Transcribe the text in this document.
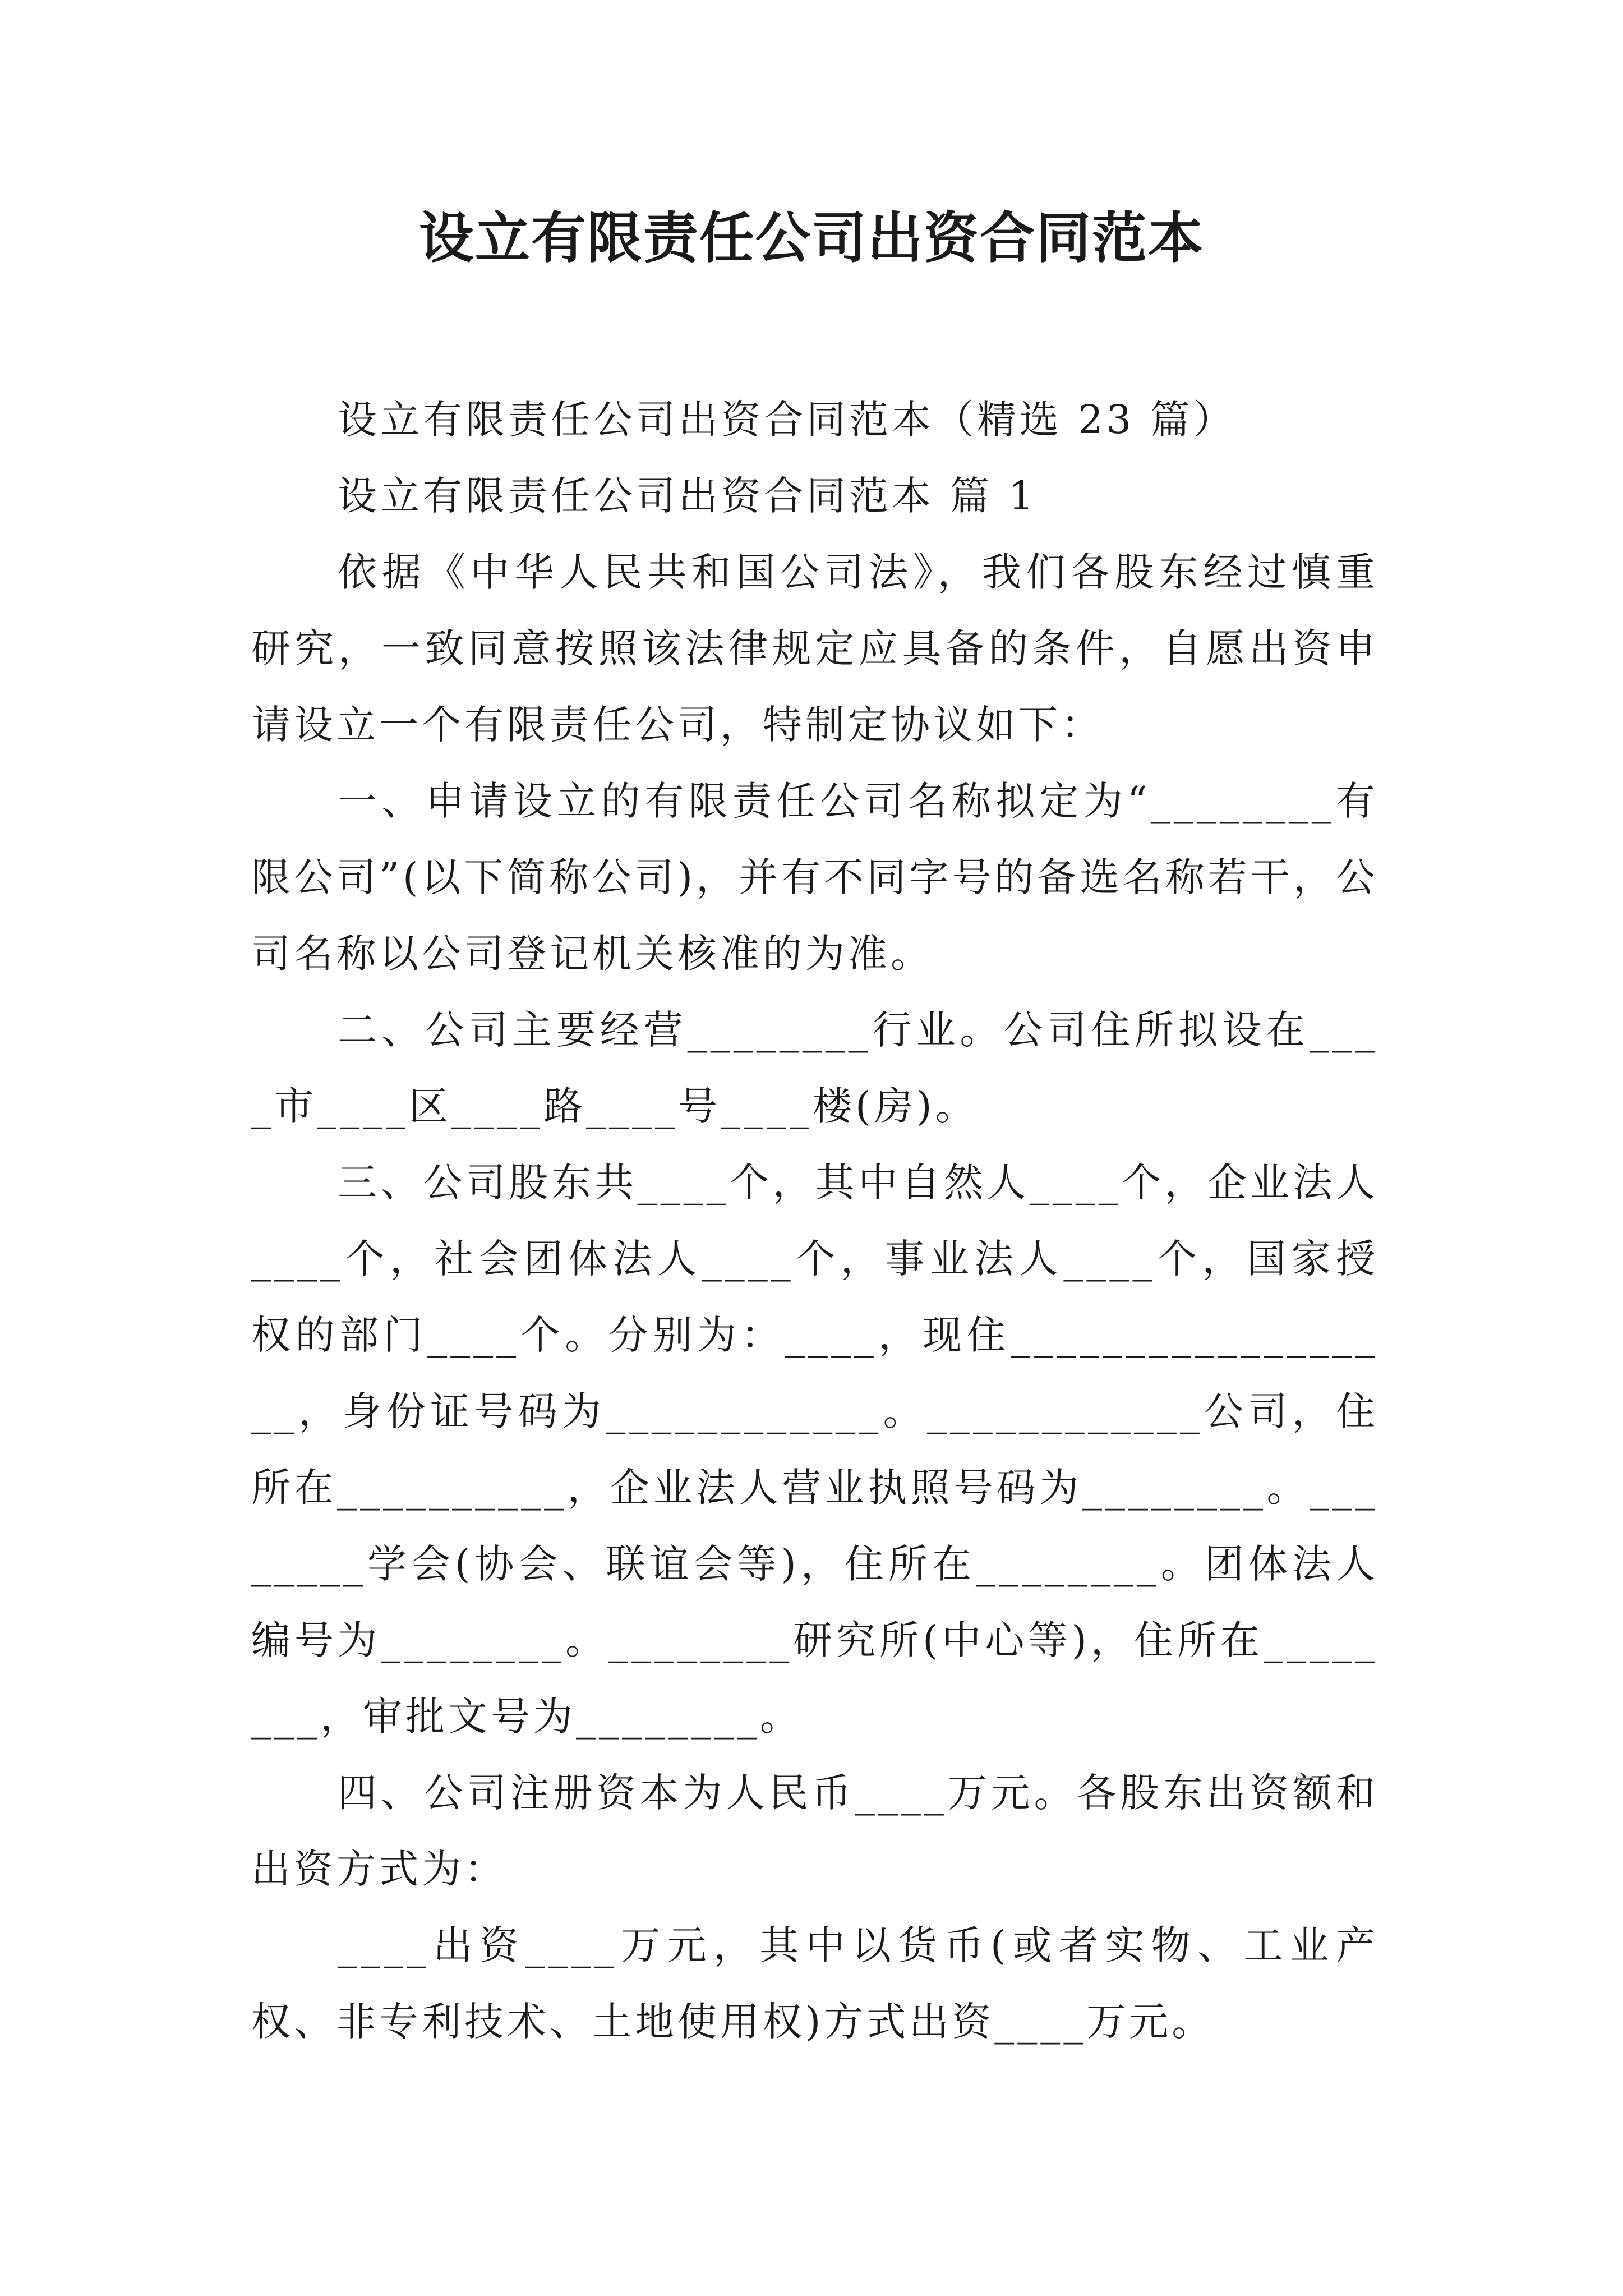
设立有限责任公司出资合同范本

设立有限责任公司出资合同范本（精选 23 篇）

设立有限责任公司出资合同范本 篇 1

依据《中华人民共和国公司法》，我们各股东经过慎重研究，一致同意按照该法律规定应具备的条件，自愿出资申请设立一个有限责任公司，特制定协议如下：

一、申请设立的有限责任公司名称拟定为“________有限公司”(以下简称公司)，并有不同字号的备选名称若干，公司名称以公司登记机关核准的为准。

二、公司主要经营________行业。公司住所拟设在____市____区____路____号____楼(房)。

三、公司股东共____个，其中自然人____个，企业法人____个，社会团体法人____个，事业法人____个，国家授权的部门____个。分别为：____，现住__________________，身份证号码为____________。____________公司，住所在__________，企业法人营业执照号码为________。________学会(协会、联谊会等)，住所在________。团体法人编号为________。________研究所(中心等)，住所在________，审批文号为________。

四、公司注册资本为人民币____万元。各股东出资额和出资方式为：

____出资____万元，其中以货币(或者实物、工业产权、非专利技术、土地使用权)方式出资____万元。
